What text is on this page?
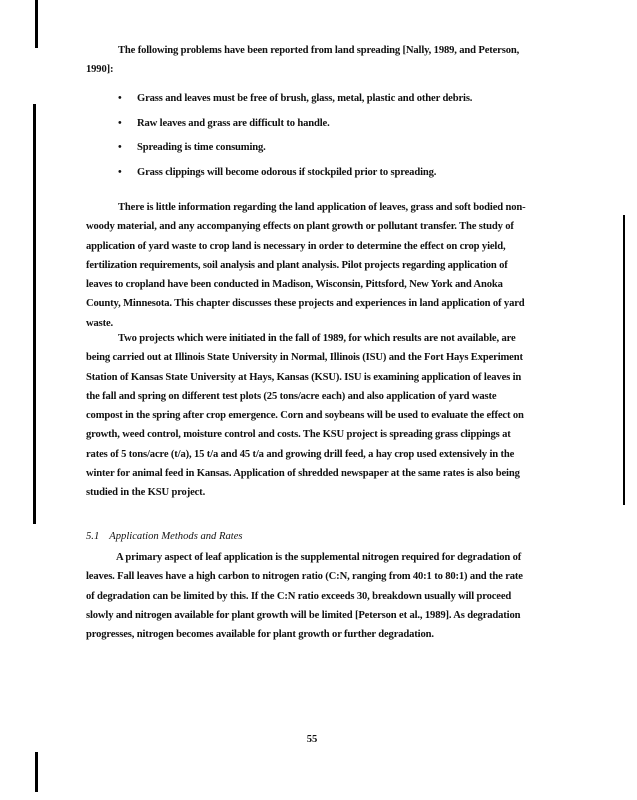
The following problems have been reported from land spreading [Nally, 1989, and Peterson, 1990]:

• Grass and leaves must be free of brush, glass, metal, plastic and other debris.
• Raw leaves and grass are difficult to handle.
• Spreading is time consuming.
• Grass clippings will become odorous if stockpiled prior to spreading.

There is little information regarding the land application of leaves, grass and soft bodied non-woody material, and any accompanying effects on plant growth or pollutant transfer. The study of application of yard waste to crop land is necessary in order to determine the effect on crop yield, fertilization requirements, soil analysis and plant analysis. Pilot projects regarding application of leaves to cropland have been conducted in Madison, Wisconsin, Pittsford, New York and Anoka County, Minnesota. This chapter discusses these projects and experiences in land application of yard waste.

Two projects which were initiated in the fall of 1989, for which results are not available, are being carried out at Illinois State University in Normal, Illinois (ISU) and the Fort Hays Experiment Station of Kansas State University at Hays, Kansas (KSU). ISU is examining application of leaves in the fall and spring on different test plots (25 tons/acre each) and also application of yard waste compost in the spring after crop emergence. Corn and soybeans will be used to evaluate the effect on growth, weed control, moisture control and costs. The KSU project is spreading grass clippings at rates of 5 tons/acre (t/a), 15 t/a and 45 t/a and growing drill feed, a hay crop used extensively in the winter for animal feed in Kansas. Application of shredded newspaper at the same rates is also being studied in the KSU project.

5.1 Application Methods and Rates

A primary aspect of leaf application is the supplemental nitrogen required for degradation of leaves. Fall leaves have a high carbon to nitrogen ratio (C:N, ranging from 40:1 to 80:1) and the rate of degradation can be limited by this. If the C:N ratio exceeds 30, breakdown usually will proceed slowly and nitrogen available for plant growth will be limited [Peterson et al., 1989]. As degradation progresses, nitrogen becomes available for plant growth or further degradation.

55
